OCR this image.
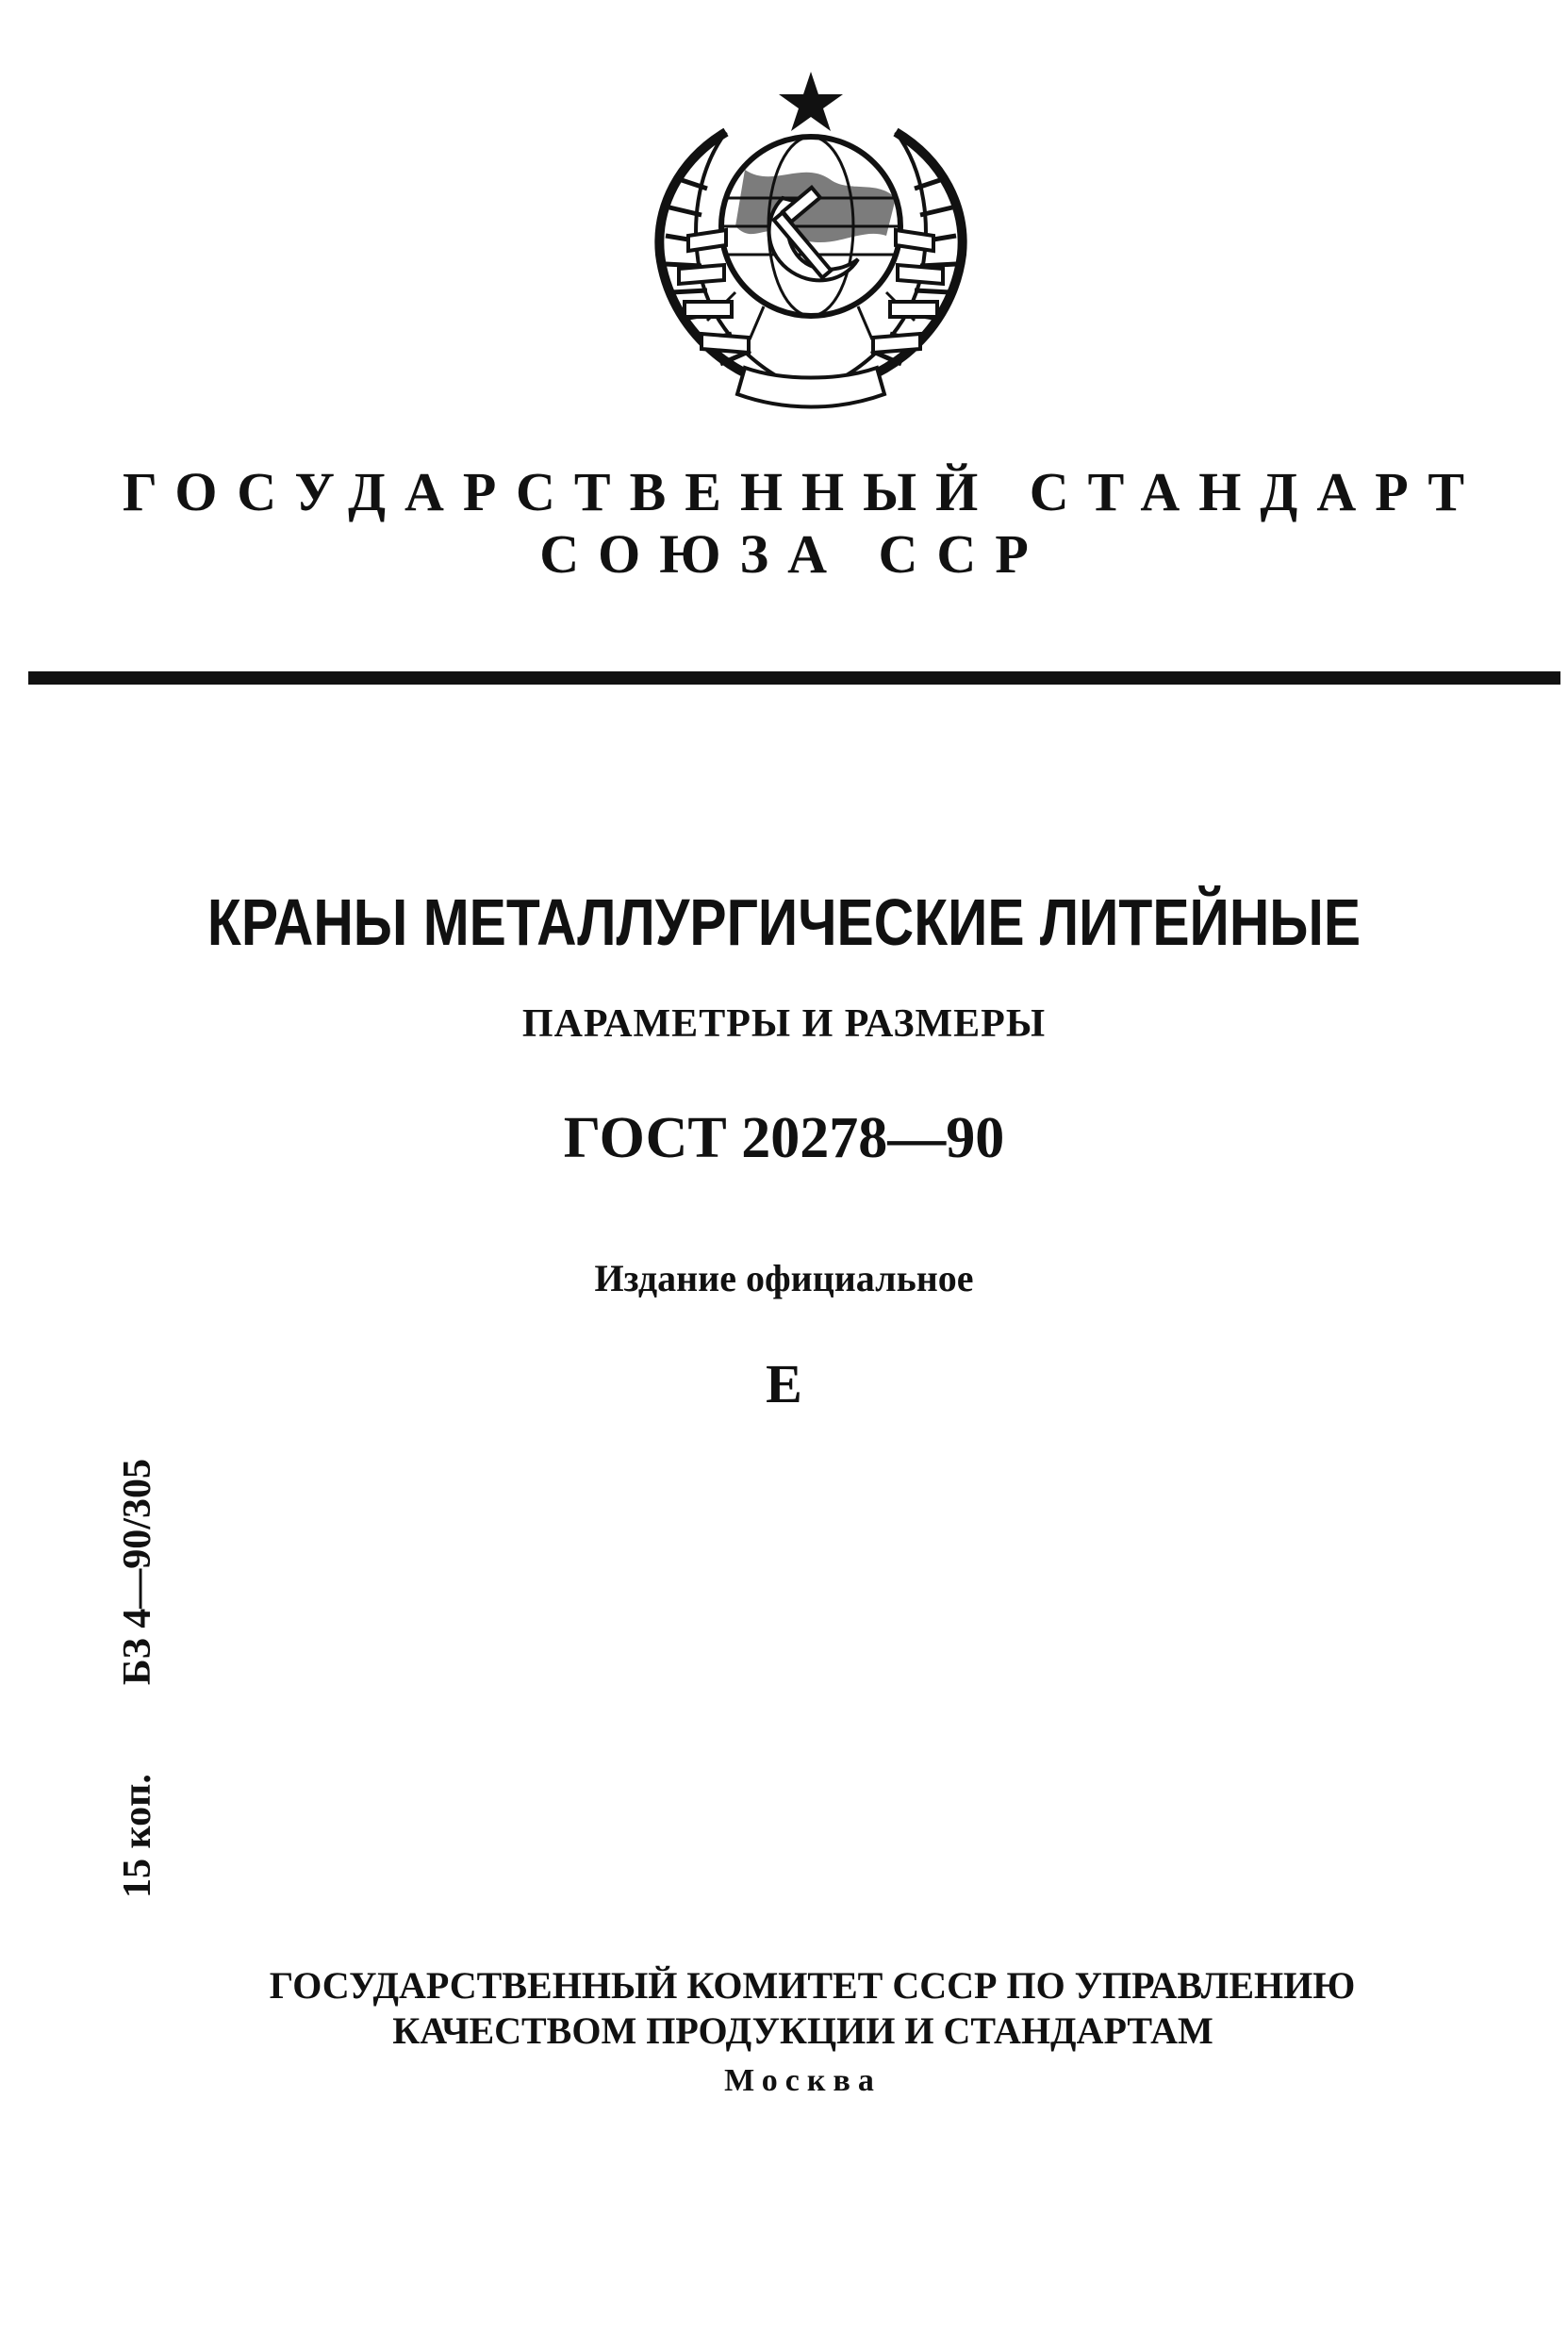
ГОСУДАРСТВЕННЫЙ СТАНДАРТ
СОЮЗА ССР
КРАНЫ МЕТАЛЛУРГИЧЕСКИЕ ЛИТЕЙНЫЕ
ПАРАМЕТРЫ И РАЗМЕРЫ
ГОСТ 20278—90
Издание официальное
Е
15 коп.БЗ 4—90/305
ГОСУДАРСТВЕННЫЙ КОМИТЕТ СССР ПО УПРАВЛЕНИЮ
КАЧЕСТВОМ ПРОДУКЦИИ И СТАНДАРТАМ
Москва
